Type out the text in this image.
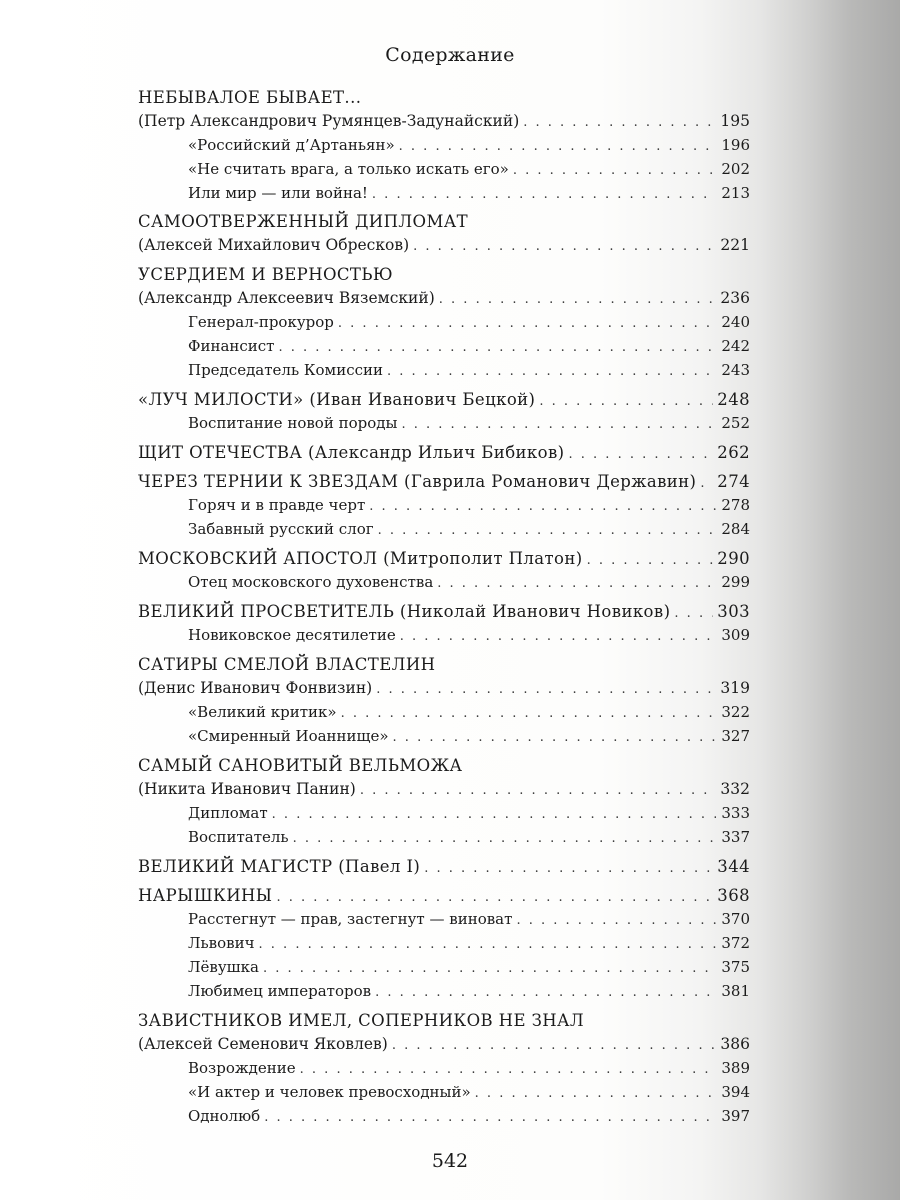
Содержание
НЕБЫВАЛОЕ БЫВАЕТ...
(Петр Александрович Румянцев-Задунайский) . . .	195
«Российский д’Артаньян» . . .	196
«Не считать врага, а только искать его» . . .	202
Или мир — или война! . . .	213
САМООТВЕРЖЕННЫЙ ДИПЛОМАТ
(Алексей Михайлович Обресков) . . .	221
УСЕРДИЕМ И ВЕРНОСТЬЮ
(Александр Алексеевич Вяземский) . . .	236
Генерал-прокурор . . .	240
Финансист . . .	242
Председатель Комиссии . . .	243
«ЛУЧ МИЛОСТИ» (Иван Иванович Бецкой) . . .	248
Воспитание новой породы . . .	252
ЩИТ ОТЕЧЕСТВА (Александр Ильич Бибиков) . . .	262
ЧЕРЕЗ ТЕРНИИ К ЗВЕЗДАМ (Гаврила Романович Державин) . . . 274
Горяч и в правде черт . . .	278
Забавный русский слог . . .	284
МОСКОВСКИЙ АПОСТОЛ (Митрополит Платон) . . .	290
Отец московского духовенства . . .	299
ВЕЛИКИЙ ПРОСВЕТИТЕЛЬ (Николай Иванович Новиков) . . .	303
Новиковское десятилетие . . .	309
САТИРЫ СМЕЛОЙ ВЛАСТЕЛИН
(Денис Иванович Фонвизин) . . .	319
«Великий критик» . . .	322
«Смиренный Иоаннище» . . .	327
САМЫЙ САНОВИТЫЙ ВЕЛЬМОЖА
(Никита Иванович Панин) . . .	332
Дипломат . . .	333
Воспитатель . . .	337
ВЕЛИКИЙ МАГИСТР (Павел I) . . .	344
НАРЫШКИНЫ . . .	368
Расстегнут — прав, застегнут — виноват . . .	370
Львович . . .	372
Лёвушка . . .	375
Любимец императоров . . .	381
ЗАВИСТНИКОВ ИМЕЛ, СОПЕРНИКОВ НЕ ЗНАЛ
(Алексей Семенович Яковлев) . . .	386
Возрождение . . .	389
«И актер и человек превосходный» . . .	394
Однолюб . . .	397
542
